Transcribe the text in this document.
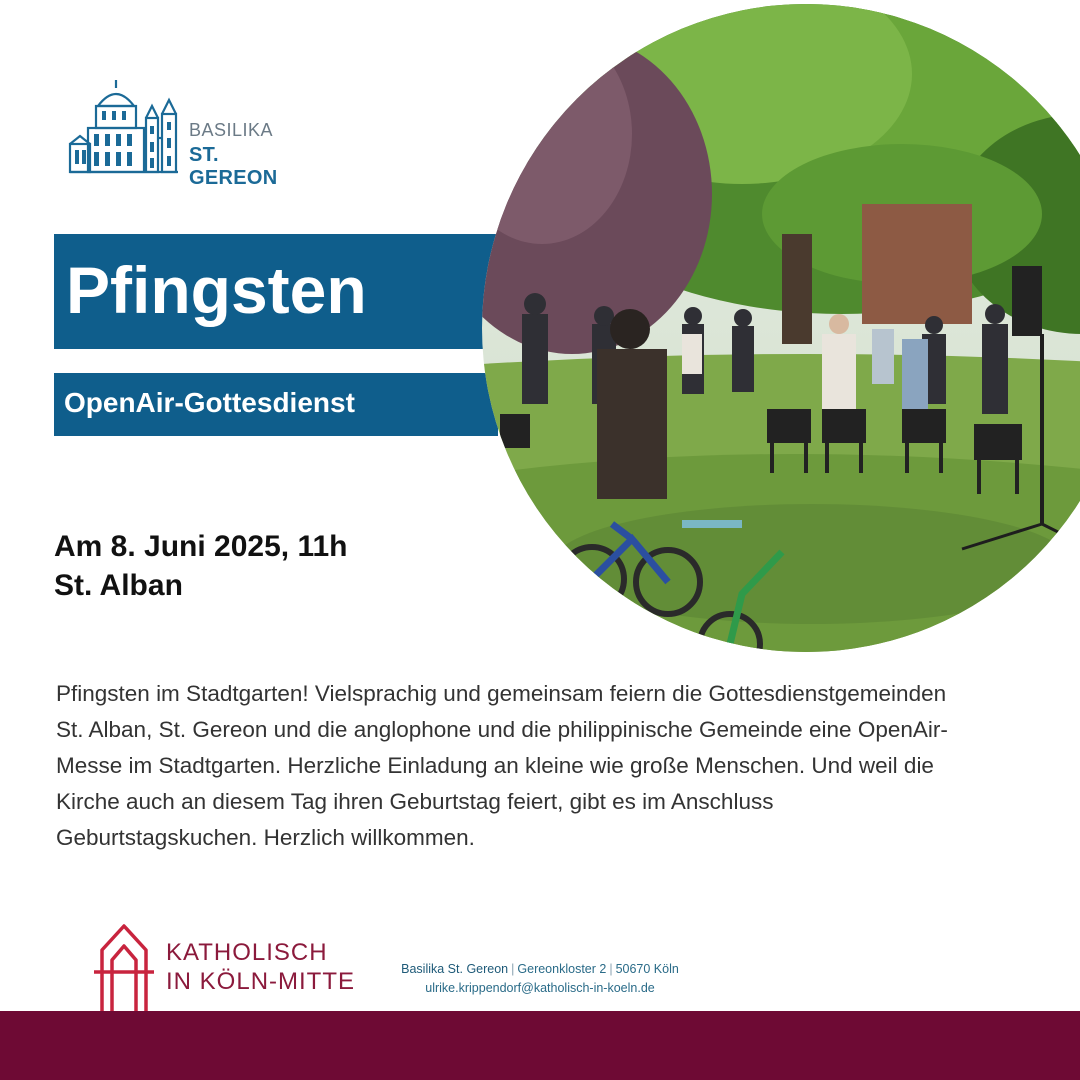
BASILIKA
ST. GEREON
Pfingsten
OpenAir-Gottesdienst
Am 8. Juni 2025, 11h
St. Alban

Pfingsten im Stadtgarten! Vielsprachig und gemeinsam feiern die Gottesdienstgemeinden St. Alban, St. Gereon und die anglophone und die philippinische Gemeinde eine OpenAir-Messe im Stadtgarten. Herzliche Einladung an kleine wie große Menschen. Und weil die Kirche auch an diesem Tag ihren Geburtstag feiert, gibt es im Anschluss Geburtstagskuchen. Herzlich willkommen.

KATHOLISCH
IN KÖLN-MITTE	Basilika St. Gereon | Gereonkloster 2 | 50670 Köln
ulrike.krippendorf@katholisch-in-koeln.de
